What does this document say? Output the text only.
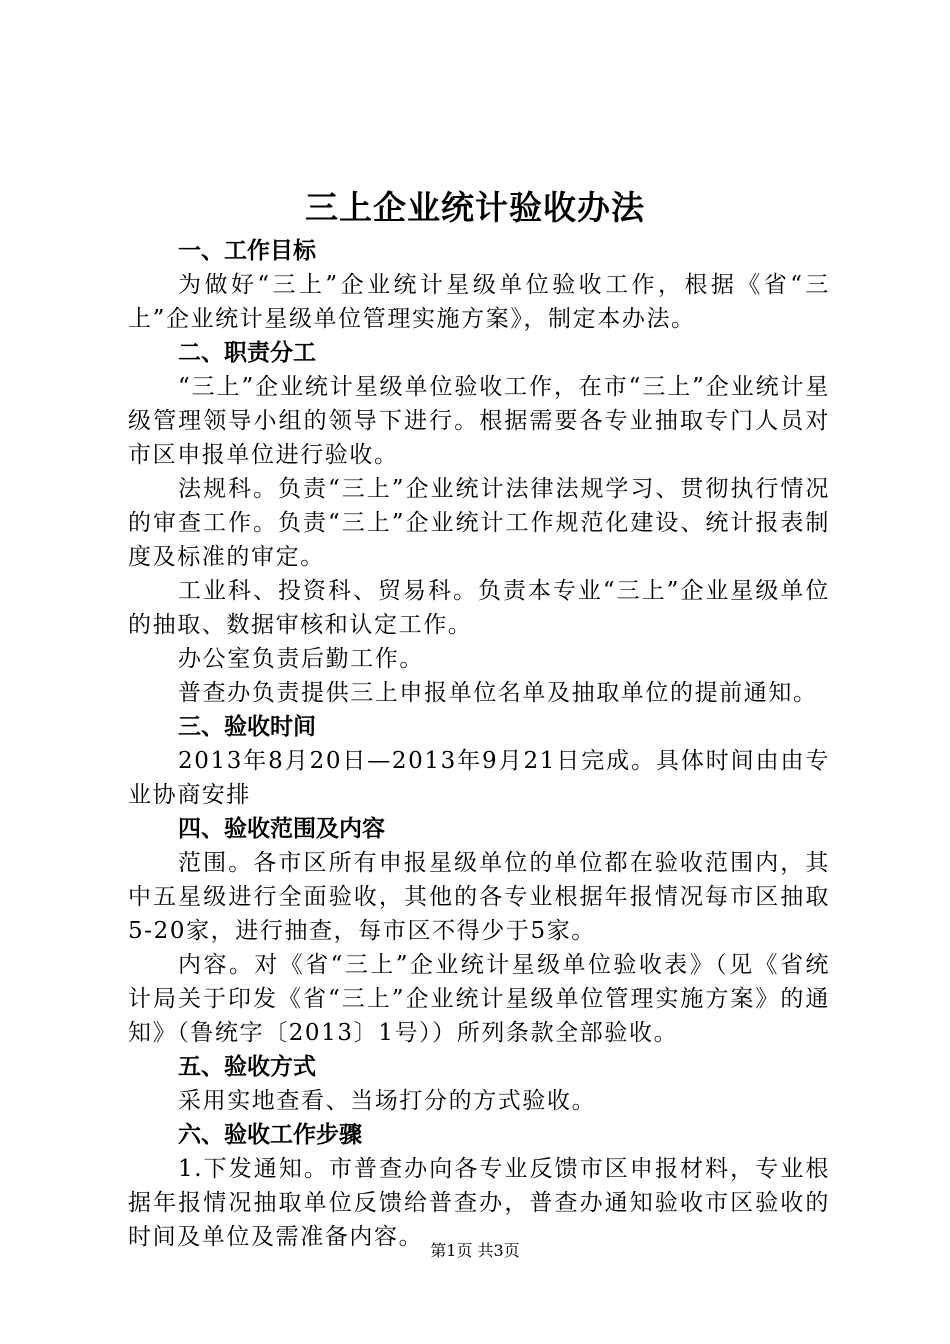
三上企业统计验收办法
一、工作目标
为做好“三上”企业统计星级单位验收工作，根据《省“三上”企业统计星级单位管理实施方案》，制定本办法。
二、职责分工
“三上”企业统计星级单位验收工作，在市“三上”企业统计星级管理领导小组的领导下进行。根据需要各专业抽取专门人员对市区申报单位进行验收。
法规科。负责“三上”企业统计法律法规学习、贯彻执行情况的审查工作。负责“三上”企业统计工作规范化建设、统计报表制度及标准的审定。
工业科、投资科、贸易科。负责本专业“三上”企业星级单位的抽取、数据审核和认定工作。
办公室负责后勤工作。
普查办负责提供三上申报单位名单及抽取单位的提前通知。
三、验收时间
2013年8月20日—2013年9月21日完成。具体时间由由专业协商安排
四、验收范围及内容
范围。各市区所有申报星级单位的单位都在验收范围内，其中五星级进行全面验收，其他的各专业根据年报情况每市区抽取5-20家，进行抽查，每市区不得少于5家。
内容。对《省“三上”企业统计星级单位验收表》（见《省统计局关于印发《省“三上”企业统计星级单位管理实施方案》的通知》（鲁统字〔2013〕1号））所列条款全部验收。
五、验收方式
采用实地查看、当场打分的方式验收。
六、验收工作步骤
1.下发通知。市普查办向各专业反馈市区申报材料，专业根据年报情况抽取单位反馈给普查办，普查办通知验收市区验收的时间及单位及需准备内容。
第1页 共3页
